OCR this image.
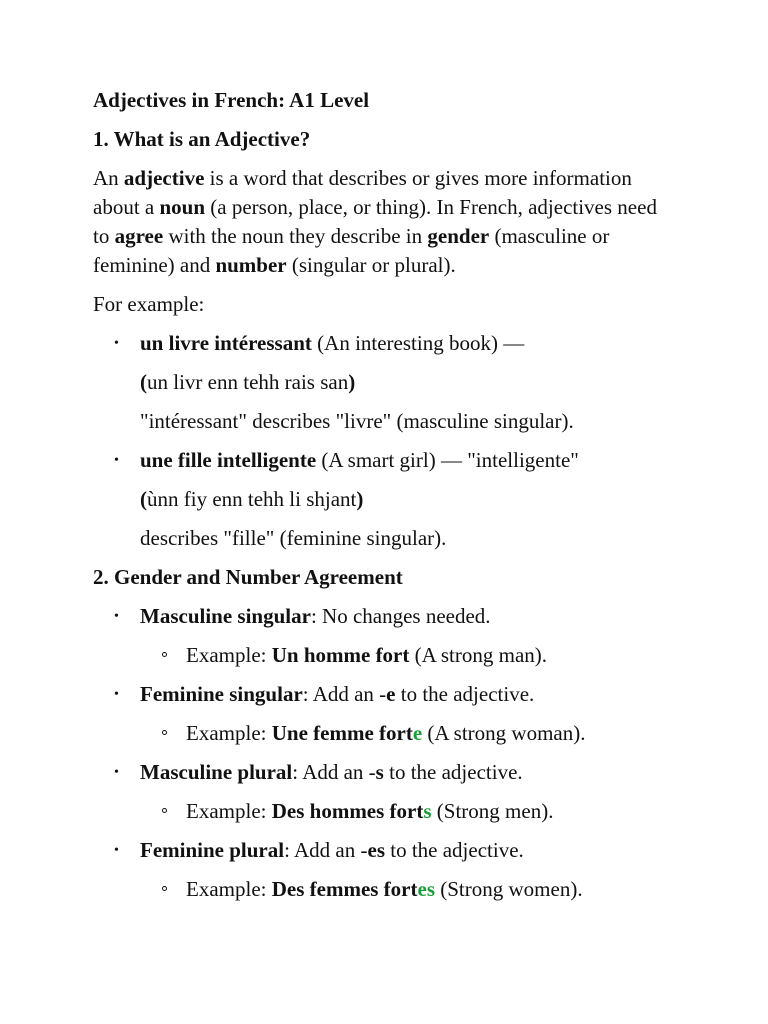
Adjectives in French: A1 Level
1. What is an Adjective?

An adjective is a word that describes or gives more information about a noun (a person, place, or thing). In French, adjectives need to agree with the noun they describe in gender (masculine or feminine) and number (singular or plural).

For example:

• un livre intéressant (An interesting book) —
(un livr enn tehh rais san)
"intéressant" describes "livre" (masculine singular).
• une fille intelligente (A smart girl) — "intelligente"
(ùnn fiy enn tehh li shjant)
describes "fille" (feminine singular).
2. Gender and Number Agreement
• Masculine singular: No changes needed.
Example: Un homme fort (A strong man).
• Feminine singular: Add an -e to the adjective.
Example: Une femme forte (A strong woman).
• Masculine plural: Add an -s to the adjective.
Example: Des hommes forts (Strong men).
• Feminine plural: Add an -es to the adjective.
Example: Des femmes fortes (Strong women).
